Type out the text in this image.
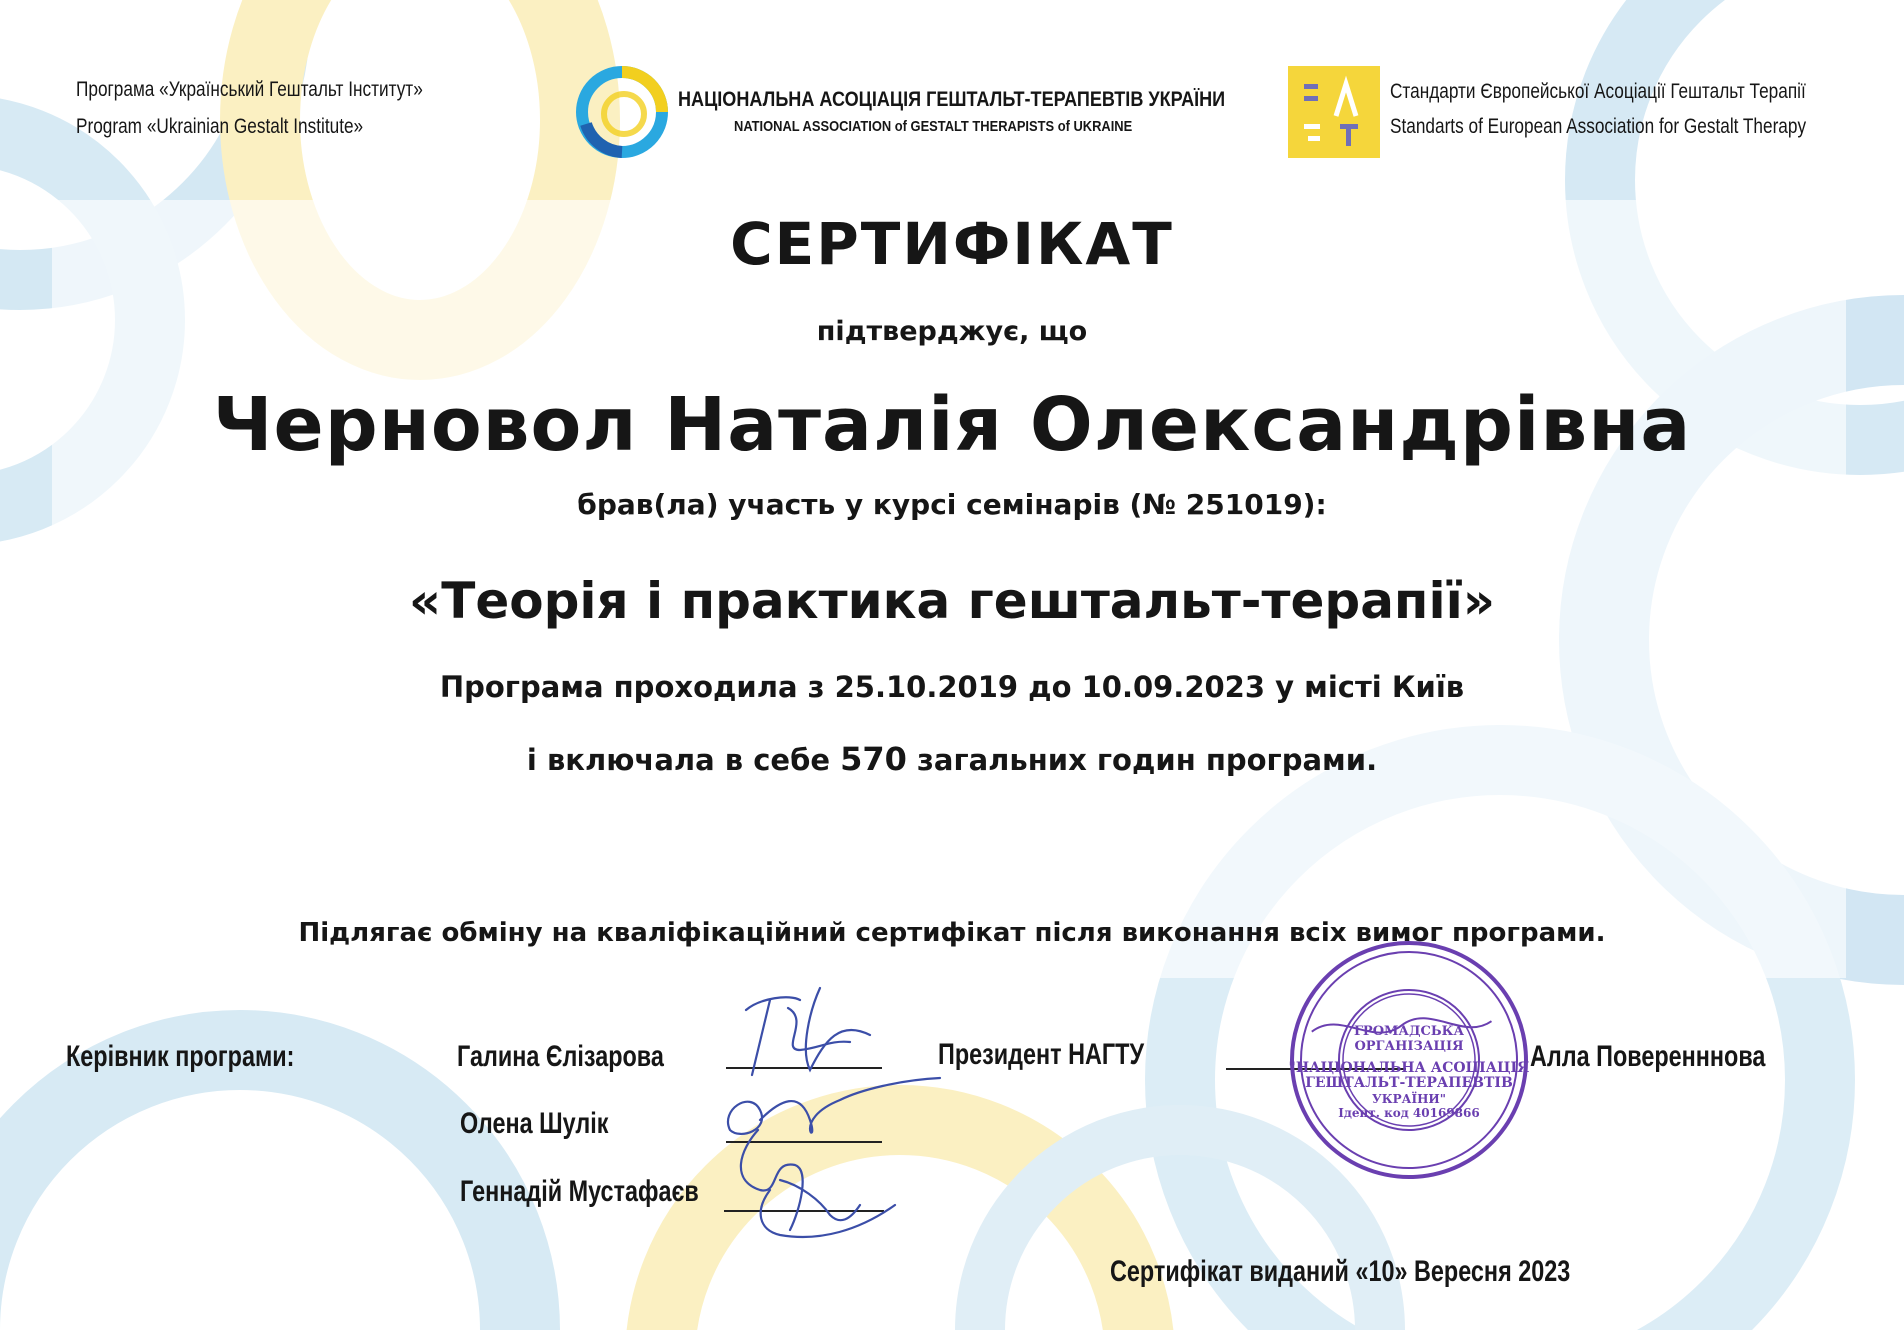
Програма «Український Гештальт Інститут»
Program «Ukrainian Gestalt Institute»
НАЦІОНАЛЬНА АСОЦІАЦІЯ ГЕШТАЛЬТ-ТЕРАПЕВТІВ УКРАЇНИ
NATIONAL ASSOCIATION of GESTALT THERAPISTS of UKRAINE
Стандарти Європейської Асоціації Гештальт Терапії
Standarts of European Association for Gestalt Therapy
СЕРТИФІКАТ
підтверджує, що
Черновол Наталія Олександрівна
брав(ла) участь у курсі семінарів (№ 251019):
«Теорія і практика гештальт-терапії»
Програма проходила з 25.10.2019 до 10.09.2023 у місті Київ
і включала в себе 570 загальних годин програми.
Підлягає обміну на кваліфікаційний сертифікат після виконання всіх вимог програми.
Керівник програми:	Галина Єлізарова
Олена Шулік
Геннадій Мустафаєв
Президент НАГТУ	Алла Поверенннова
ГРОМАДСЬКА
ОРГАНІЗАЦІЯ
"НАЦІОНАЛЬНА АСОЦІАЦІЯ
ГЕШТАЛЬТ-ТЕРАПЕВТІВ
УКРАЇНИ"
Ідент. код 40169866
Сертифікат виданий «10» Вересня 2023
